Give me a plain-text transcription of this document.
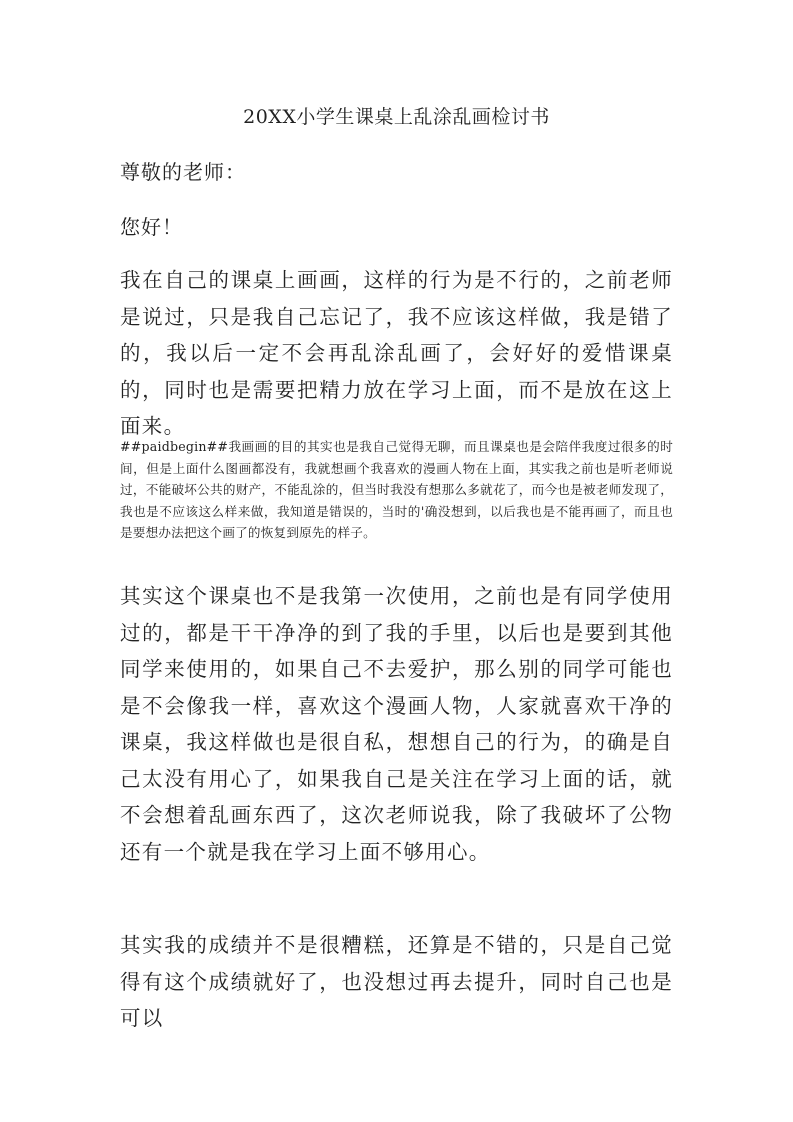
20XX小学生课桌上乱涂乱画检讨书

尊敬的老师：

您好！

我在自己的课桌上画画，这样的行为是不行的，之前老师是说过，只是我自己忘记了，我不应该这样做，我是错了的，我以后一定不会再乱涂乱画了，会好好的爱惜课桌的，同时也是需要把精力放在学习上面，而不是放在这上面来。

##paidbegin##我画画的目的其实也是我自己觉得无聊，而且课桌也是会陪伴我度过很多的时间，但是上面什么图画都没有，我就想画个我喜欢的漫画人物在上面，其实我之前也是听老师说过，不能破坏公共的财产，不能乱涂的，但当时我没有想那么多就花了，而今也是被老师发现了，我也是不应该这么样来做，我知道是错误的，当时的'确没想到，以后我也是不能再画了，而且也是要想办法把这个画了的恢复到原先的样子。

其实这个课桌也不是我第一次使用，之前也是有同学使用过的，都是干干净净的到了我的手里，以后也是要到其他同学来使用的，如果自己不去爱护，那么别的同学可能也是不会像我一样，喜欢这个漫画人物，人家就喜欢干净的课桌，我这样做也是很自私，想想自己的行为，的确是自己太没有用心了，如果我自己是关注在学习上面的话，就不会想着乱画东西了，这次老师说我，除了我破坏了公物还有一个就是我在学习上面不够用心。

其实我的成绩并不是很糟糕，还算是不错的，只是自己觉得有这个成绩就好了，也没想过再去提升，同时自己也是可以
